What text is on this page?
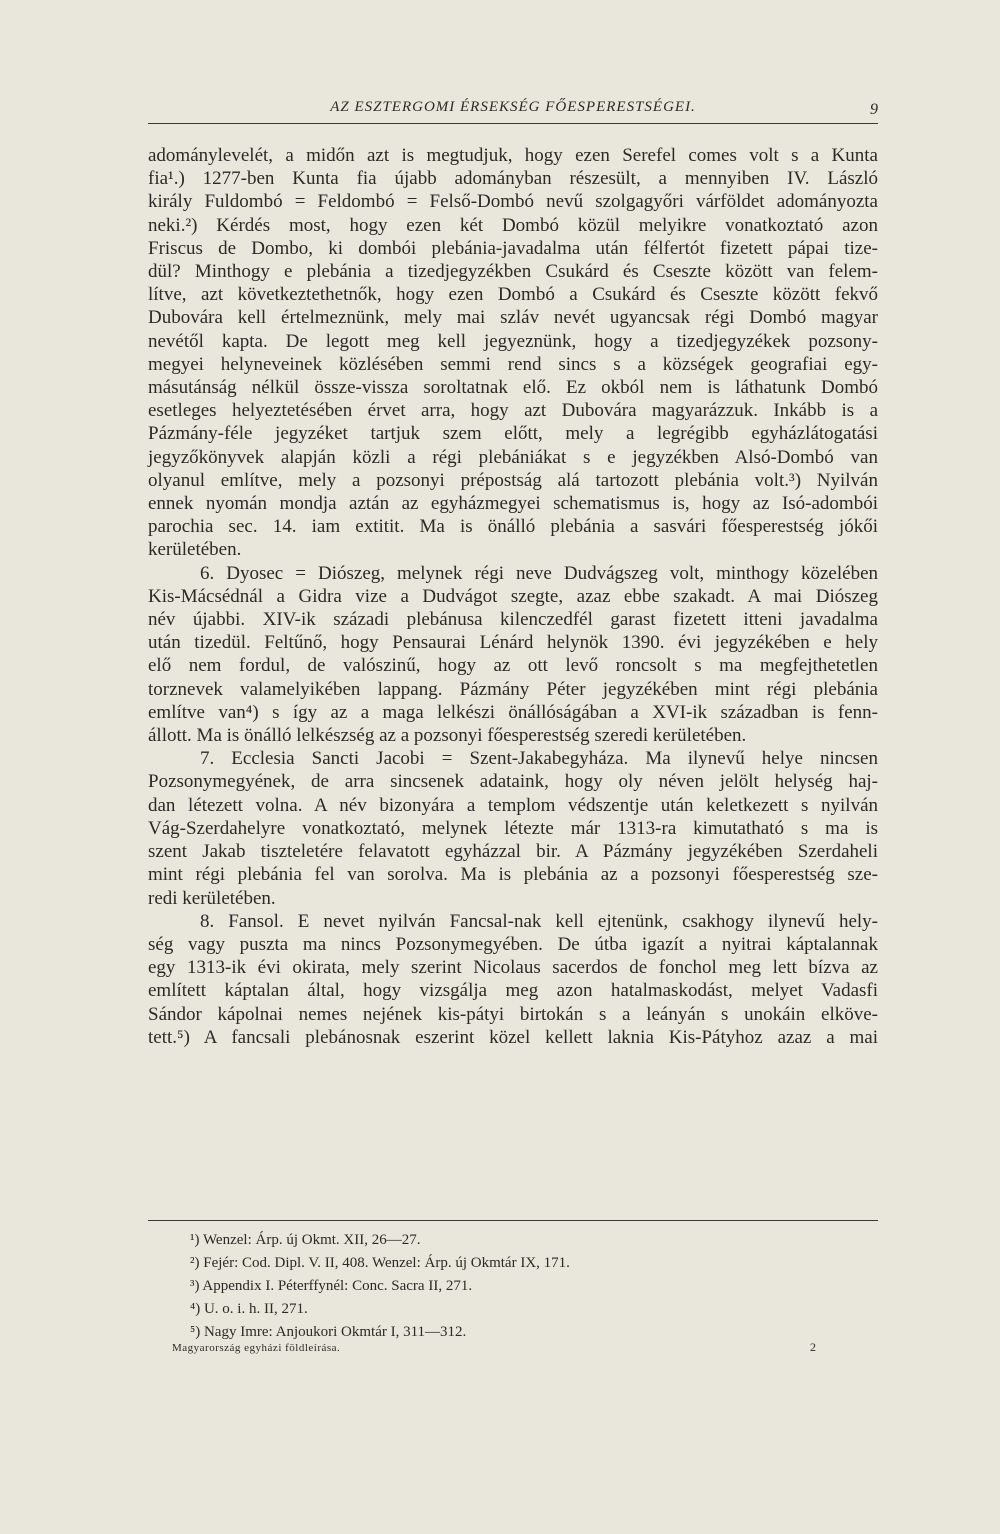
AZ ESZTERGOMI ÉRSEKSÉG FŐESPERESTSÉGEI.	9
adománylevelét, a midőn azt is megtudjuk, hogy ezen Serefel comes volt s a Kunta
fia¹.) 1277-ben Kunta fia újabb adományban részesült, a mennyiben IV. László
király Fuldombó = Feldombó = Felső-Dombó nevű szolgagyőri várföldet adományozta
neki.²) Kérdés most, hogy ezen két Dombó közül melyikre vonatkoztató azon
Friscus de Dombo, ki dombói plebánia-javadalma után félfertót fizetett pápai tize-
dül? Minthogy e plebánia a tizedjegyzékben Csukárd és Cseszte között van felem-
lítve, azt következtethetnők, hogy ezen Dombó a Csukárd és Cseszte között fekvő
Dubovára kell értelmeznünk, mely mai szláv nevét ugyancsak régi Dombó magyar
nevétől kapta. De legott meg kell jegyeznünk, hogy a tizedjegyzékek pozsony-
megyei helyneveinek közlésében semmi rend sincs s a községek geografiai egy-
másutánság nélkül össze-vissza soroltatnak elő. Ez okból nem is láthatunk Dombó
esetleges helyeztetésében érvet arra, hogy azt Dubovára magyarázzuk. Inkább is a
Pázmány-féle jegyzéket tartjuk szem előtt, mely a legrégibb egyházlátogatási
jegyzőkönyvek alapján közli a régi plebániákat s e jegyzékben Alsó-Dombó van
olyanul említve, mely a pozsonyi prépostság alá tartozott plebánia volt.³) Nyilván
ennek nyomán mondja aztán az egyházmegyei schematismus is, hogy az Isó-adombói
parochia sec. 14. iam extitit. Ma is önálló plebánia a sasvári főesperestség jókői
kerületében.
6. Dyosec = Diószeg, melynek régi neve Dudvágszeg volt, minthogy közelében
Kis-Mácsédnál a Gidra vize a Dudvágot szegte, azaz ebbe szakadt. A mai Diószeg
név újabbi. XIV-ik századi plebánusa kilenczedfél garast fizetett itteni javadalma
után tizedül. Feltűnő, hogy Pensaurai Lénárd helynök 1390. évi jegyzékében e hely
elő nem fordul, de valószinű, hogy az ott levő roncsolt s ma megfejthetetlen
torznevek valamelyikében lappang. Pázmány Péter jegyzékében mint régi plebánia
említve van⁴) s így az a maga lelkészi önállóságában a XVI-ik században is fenn-
állott. Ma is önálló lelkészség az a pozsonyi főesperestség szeredi kerületében.
7. Ecclesia Sancti Jacobi = Szent-Jakabegyháza. Ma ilynevű helye nincsen
Pozsonymegyének, de arra sincsenek adataink, hogy oly néven jelölt helység haj-
dan létezett volna. A név bizonyára a templom védszentje után keletkezett s nyilván
Vág-Szerdahelyre vonatkoztató, melynek létezte már 1313-ra kimutatható s ma is
szent Jakab tiszteletére felavatott egyházzal bir. A Pázmány jegyzékében Szerdaheli
mint régi plebánia fel van sorolva. Ma is plebánia az a pozsonyi főesperestség sze-
redi kerületében.
8. Fansol. E nevet nyilván Fancsal-nak kell ejtenünk, csakhogy ilynevű hely-
ség vagy puszta ma nincs Pozsonymegyében. De útba igazít a nyitrai káptalannak
egy 1313-ik évi okirata, mely szerint Nicolaus sacerdos de fonchol meg lett bízva az
említett káptalan által, hogy vizsgálja meg azon hatalmaskodást, melyet Vadasfi
Sándor kápolnai nemes nejének kis-pátyi birtokán s a leányán s unokáin elköve-
tett.⁵) A fancsali plebánosnak eszerint közel kellett laknia Kis-Pátyhoz azaz a mai
¹) Wenzel: Árp. új Okmt. XII, 26—27.
²) Fejér: Cod. Dipl. V. II, 408. Wenzel: Árp. új Okmtár IX, 171.
³) Appendix I. Péterffynél: Conc. Sacra II, 271.
⁴) U. o. i. h. II, 271.
⁵) Nagy Imre: Anjoukori Okmtár I, 311—312.
Magyarország egyházi földleírása.	2
